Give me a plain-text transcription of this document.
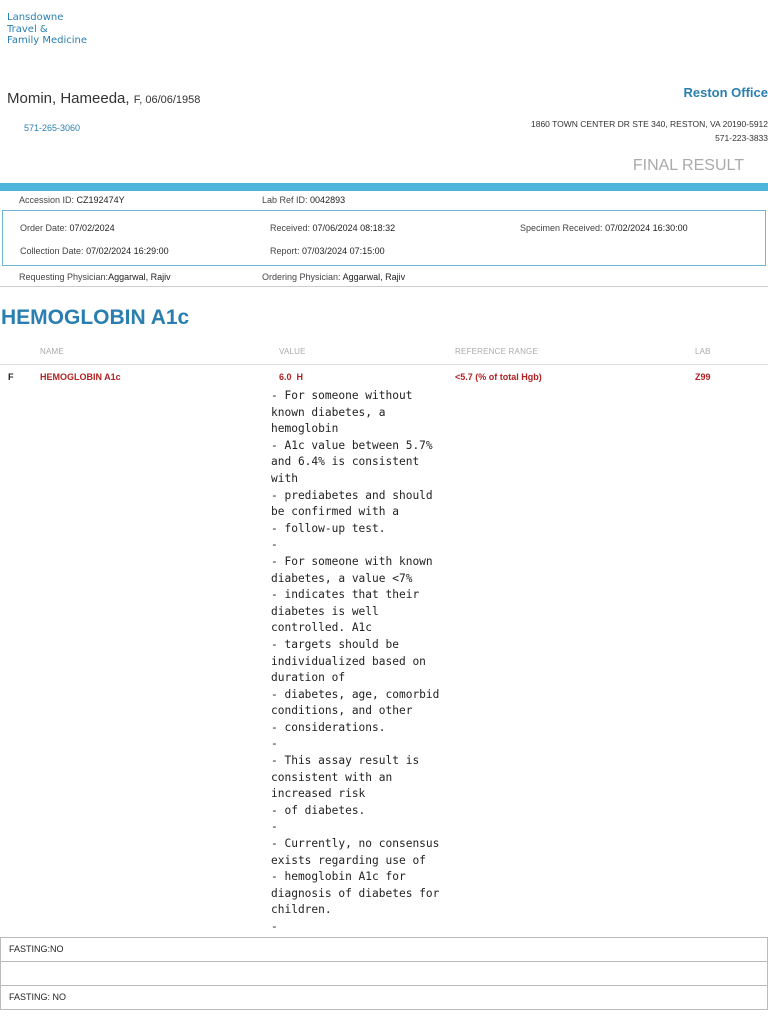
Lansdowne
Travel &
Family Medicine
Momin, Hameeda, F, 06/06/1958
571-265-3060
Reston Office
1860 TOWN CENTER DR STE 340, RESTON, VA 20190-5912
571-223-3833
FINAL RESULT
Accession ID: CZ192474Y	Lab Ref ID: 0042893
Order Date: 07/02/2024	Received: 07/06/2024 08:18:32	Specimen Received: 07/02/2024 16:30:00
Collection Date: 07/02/2024 16:29:00	Report: 07/03/2024 07:15:00
Requesting Physician:Aggarwal, Rajiv	Ordering Physician: Aggarwal, Rajiv
HEMOGLOBIN A1c
NAME	VALUE	REFERENCE RANGE	LAB
F	HEMOGLOBIN A1c	6.0 H	<5.7 (% of total Hgb)	Z99
- For someone without
known diabetes, a
hemoglobin
- A1c value between 5.7%
and 6.4% is consistent
with
- prediabetes and should
be confirmed with a
- follow-up test.
-
- For someone with known
diabetes, a value <7%
- indicates that their
diabetes is well
controlled. A1c
- targets should be
individualized based on
duration of
- diabetes, age, comorbid
conditions, and other
- considerations.
-
- This assay result is
consistent with an
increased risk
- of diabetes.
-
- Currently, no consensus
exists regarding use of
- hemoglobin A1c for
diagnosis of diabetes for
children.
-
FASTING:NO
FASTING: NO
